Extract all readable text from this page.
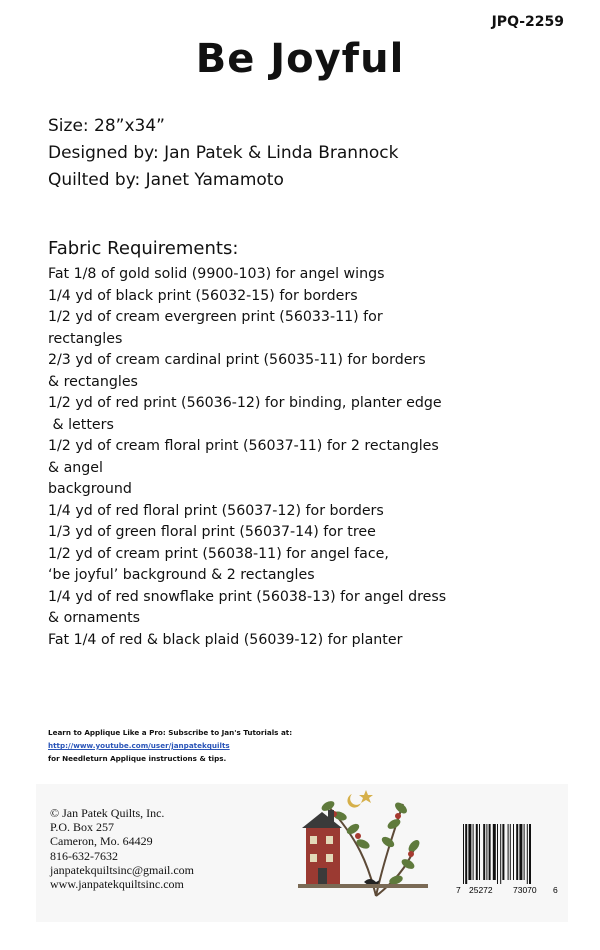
JPQ-2259
Be Joyful
Size: 28”x34”
Designed by: Jan Patek & Linda Brannock
Quilted by: Janet Yamamoto
Fabric Requirements:
Fat 1/8 of gold solid (9900-103) for angel wings
1/4 yd of black print (56032-15) for borders
1/2 yd of cream evergreen print (56033-11) for
rectangles
2/3 yd of cream cardinal print (56035-11) for borders
& rectangles
1/2 yd of red print (56036-12) for binding, planter edge
& letters
1/2 yd of cream floral print (56037-11) for 2 rectangles
& angel
background
1/4 yd of red floral print (56037-12) for borders
1/3 yd of green floral print (56037-14) for tree
1/2 yd of cream print (56038-11) for angel face,
‘be joyful’ background & 2 rectangles
1/4 yd of red snowflake print (56038-13) for angel dress
& ornaments
Fat 1/4 of red & black plaid (56039-12) for planter
Learn to Applique Like a Pro: Subscribe to Jan's Tutorials at:
http://www.youtube.com/user/janpatekquilts
for Needleturn Applique instructions & tips.
© Jan Patek Quilts, Inc.
P.O. Box 257
Cameron, Mo. 64429
816-632-7632
janpatekquiltsinc@gmail.com
www.janpatekquiltsinc.com	7 25272 73070 6
